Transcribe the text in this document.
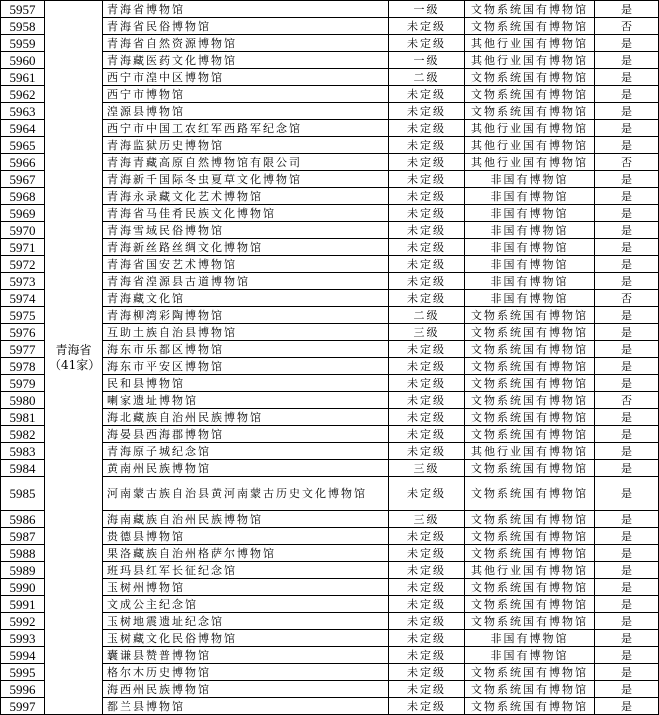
5957	青海省（41家）	青海省博物馆	一级	文物系统国有博物馆	是
5958		青海省民俗博物馆	未定级	文物系统国有博物馆	否
5959		青海省自然资源博物馆	未定级	其他行业国有博物馆	是
5960		青海藏医药文化博物馆	一级	其他行业国有博物馆	是
5961		西宁市湟中区博物馆	二级	文物系统国有博物馆	是
5962		西宁市博物馆	未定级	文物系统国有博物馆	是
5963		湟源县博物馆	未定级	文物系统国有博物馆	是
5964		西宁市中国工农红军西路军纪念馆	未定级	其他行业国有博物馆	是
5965		青海监狱历史博物馆	未定级	其他行业国有博物馆	是
5966		青海青藏高原自然博物馆有限公司	未定级	其他行业国有博物馆	否
5967		青海新千国际冬虫夏草文化博物馆	未定级	非国有博物馆	是
5968		青海永录藏文化艺术博物馆	未定级	非国有博物馆	是
5969		青海省马佳肴民族文化博物馆	未定级	非国有博物馆	是
5970		青海雪域民俗博物馆	未定级	非国有博物馆	是
5971		青海新丝路丝绸文化博物馆	未定级	非国有博物馆	是
5972		青海省国安艺术博物馆	未定级	非国有博物馆	是
5973		青海省湟源县古道博物馆	未定级	非国有博物馆	是
5974		青海藏文化馆	未定级	非国有博物馆	否
5975		青海柳湾彩陶博物馆	二级	文物系统国有博物馆	是
5976		互助土族自治县博物馆	三级	文物系统国有博物馆	是
5977		海东市乐都区博物馆	未定级	文物系统国有博物馆	是
5978		海东市平安区博物馆	未定级	文物系统国有博物馆	是
5979		民和县博物馆	未定级	文物系统国有博物馆	是
5980		喇家遗址博物馆	未定级	文物系统国有博物馆	否
5981		海北藏族自治州民族博物馆	未定级	文物系统国有博物馆	是
5982		海晏县西海郡博物馆	未定级	文物系统国有博物馆	是
5983		青海原子城纪念馆	未定级	其他行业国有博物馆	是
5984		黄南州民族博物馆	三级	文物系统国有博物馆	是
5985		河南蒙古族自治县黄河南蒙古历史文化博物馆	未定级	文物系统国有博物馆	是
5986		海南藏族自治州民族博物馆	三级	文物系统国有博物馆	是
5987		贵德县博物馆	未定级	文物系统国有博物馆	是
5988		果洛藏族自治州格萨尔博物馆	未定级	文物系统国有博物馆	是
5989		班玛县红军长征纪念馆	未定级	其他行业国有博物馆	是
5990		玉树州博物馆	未定级	文物系统国有博物馆	是
5991		文成公主纪念馆	未定级	文物系统国有博物馆	是
5992		玉树地震遗址纪念馆	未定级	文物系统国有博物馆	是
5993		玉树藏文化民俗博物馆	未定级	非国有博物馆	是
5994		囊谦县赞普博物馆	未定级	非国有博物馆	是
5995		格尔木历史博物馆	未定级	文物系统国有博物馆	是
5996		海西州民族博物馆	未定级	文物系统国有博物馆	是
5997		都兰县博物馆	未定级	文物系统国有博物馆	是
